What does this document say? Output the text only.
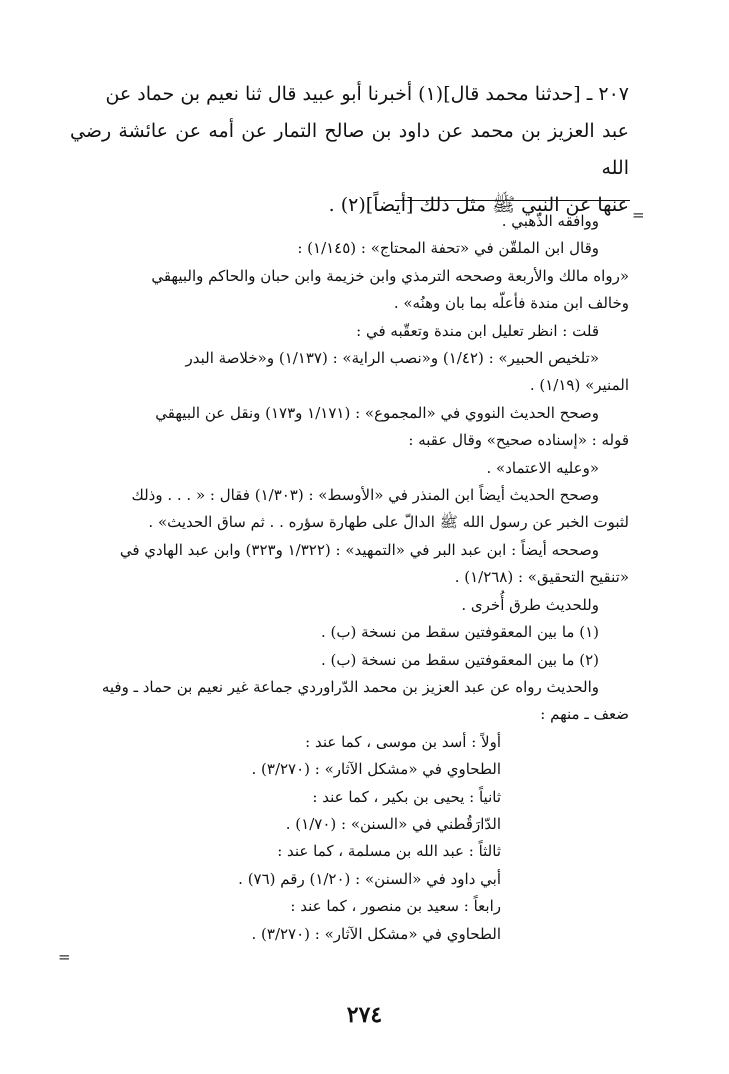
٢٠٧ ـ [حدثنا محمد قال](١) أخبرنا أبو عبيد قال ثنا نعيم بن حماد عن

عبد العزيز بن محمد عن داود بن صالح التمار عن أمه عن عائشة رضي الله

عنها عن النبي ﷺ مثل ذلك [أيضاً](٢) . =

ووافقه الذّهبي .

وقال ابن الملقّن في «تحفة المحتاج» : (١/١٤٥) :

«رواه مالك والأربعة وصححه الترمذي وابن خزيمة وابن حبان والحاكم والبيهقي

وخالف ابن مندة فأعلّه بما بان وهنُه» .

قلت : انظر تعليل ابن مندة وتعقّبه في :

«تلخيص الحبير» : (١/٤٢) و«نصب الراية» : (١/١٣٧) و«خلاصة البدر

المنير» (١/١٩) .

وصحح الحديث النووي في «المجموع» : (١/١٧١ و١٧٣) ونقل عن البيهقي

قوله : «إسناده صحيح» وقال عقبه :

«وعليه الاعتماد» .

وصحح الحديث أيضاً ابن المنذر في «الأوسط» : (١/٣٠٣) فقال : « . . . وذلك

لثبوت الخبر عن رسول الله ﷺ الدالّ على طهارة سؤره . . ثم ساق الحديث» .

وصححه أيضاً : ابن عبد البر في «التمهيد» : (١/٣٢٢ و٣٢٣) وابن عبد الهادي في

«تنقيح التحقيق» : (١/٢٦٨) .

وللحديث طرق أُخرى .

(١) ما بين المعقوفتين سقط من نسخة (ب) .

(٢) ما بين المعقوفتين سقط من نسخة (ب) .

والحديث رواه عن عبد العزيز بن محمد الدّراوردي جماعة غير نعيم بن حماد ـ وفيه

ضعف ـ منهم :

أولاً : أسد بن موسى ، كما عند :

الطحاوي في «مشكل الآثار» : (٣/٢٧٠) .

ثانياً : يحيى بن بكير ، كما عند :

الدّارَقُطني في «السنن» : (١/٧٠) .

ثالثاً : عبد الله بن مسلمة ، كما عند :

أبي داود في «السنن» : (١/٢٠) رقم (٧٦) .

رابعاً : سعيد بن منصور ، كما عند :

الطحاوي في «مشكل الآثار» : (٣/٢٧٠) .

=
٢٧٤
